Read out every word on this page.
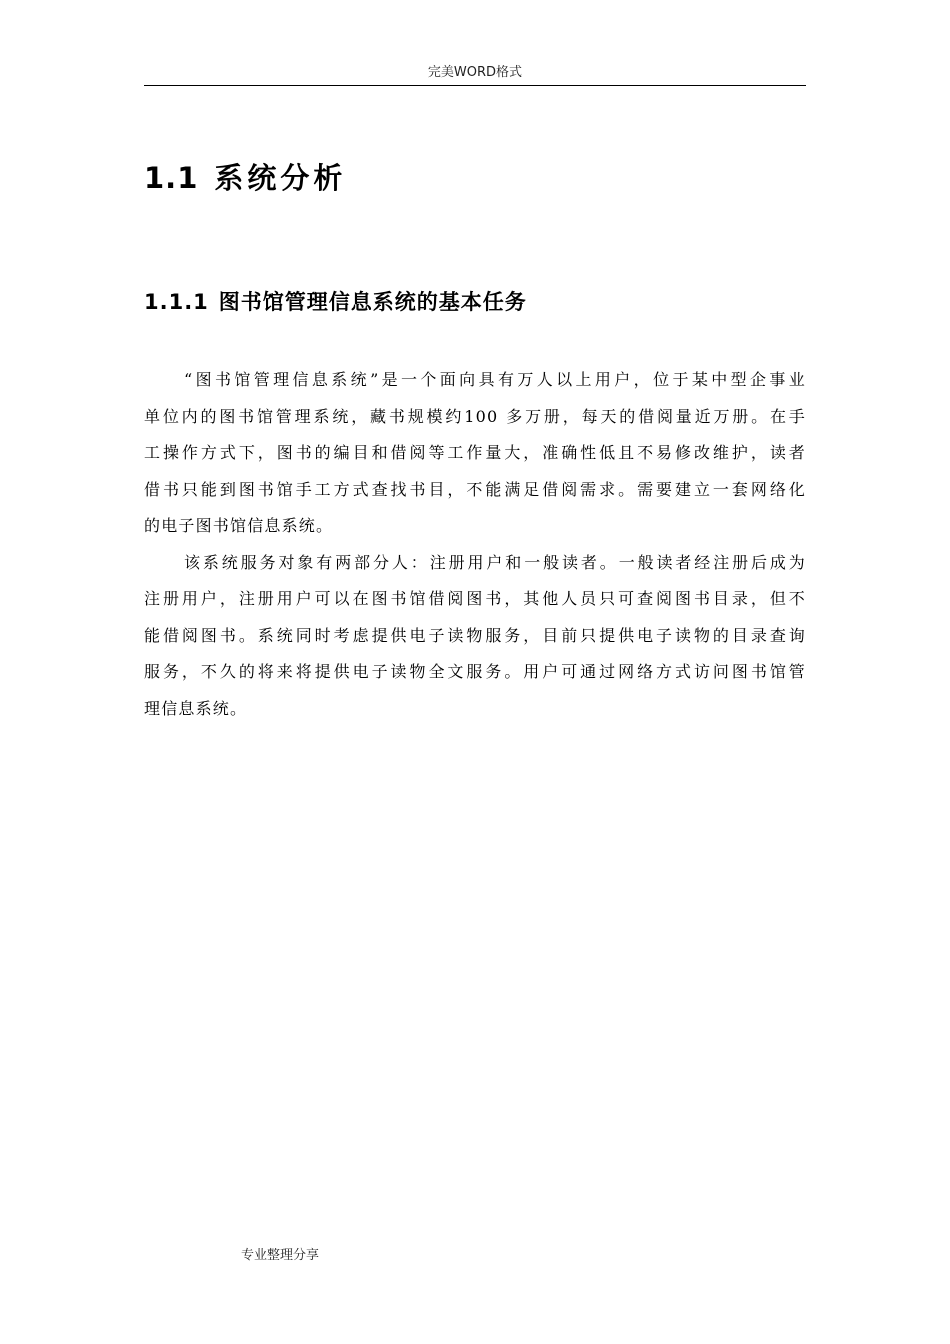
完美WORD格式
1.1 系统分析
1.1.1 图书馆管理信息系统的基本任务
“图书馆管理信息系统”是一个面向具有万人以上用户，位于某中型企事业
单位内的图书馆管理系统，藏书规模约100 多万册，每天的借阅量近万册。在手
工操作方式下，图书的编目和借阅等工作量大，准确性低且不易修改维护，读者
借书只能到图书馆手工方式查找书目，不能满足借阅需求。需要建立一套网络化
的电子图书馆信息系统。
该系统服务对象有两部分人：注册用户和一般读者。一般读者经注册后成为
注册用户，注册用户可以在图书馆借阅图书，其他人员只可查阅图书目录，但不
能借阅图书。系统同时考虑提供电子读物服务，目前只提供电子读物的目录查询
服务，不久的将来将提供电子读物全文服务。用户可通过网络方式访问图书馆管
理信息系统。
专业整理分享
